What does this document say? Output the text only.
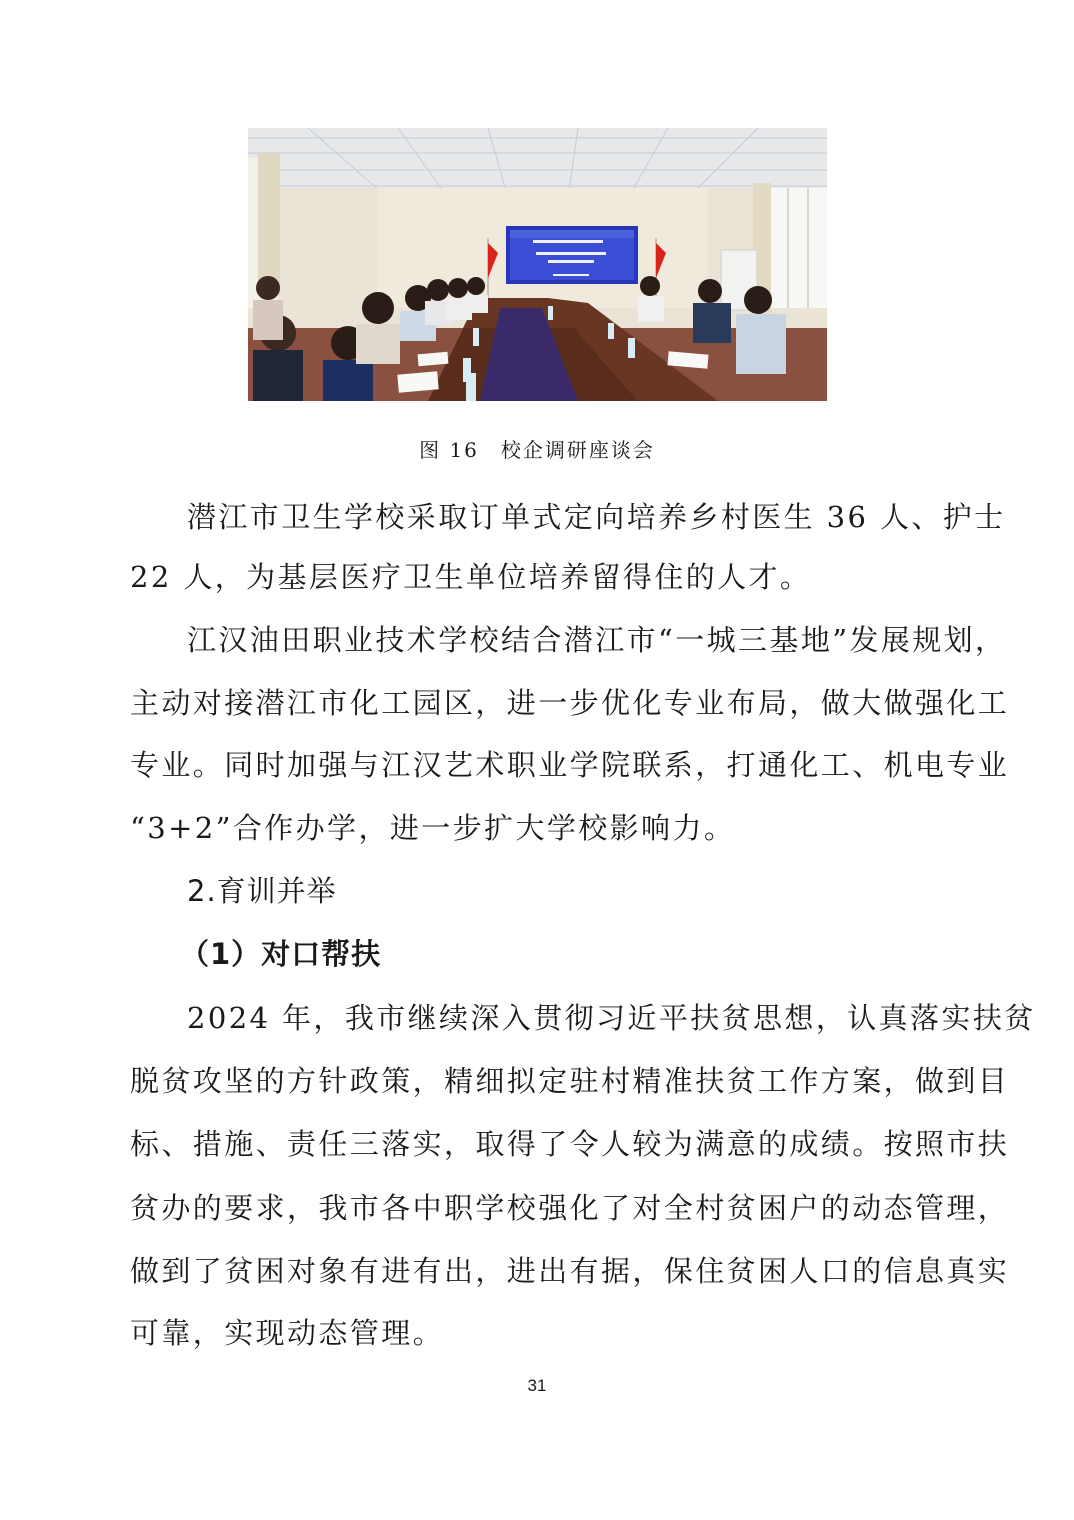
图 16　校企调研座谈会
潜江市卫生学校采取订单式定向培养乡村医生 36 人、护士
22 人，为基层医疗卫生单位培养留得住的人才。
江汉油田职业技术学校结合潜江市“一城三基地”发展规划，
主动对接潜江市化工园区，进一步优化专业布局，做大做强化工
专业。同时加强与江汉艺术职业学院联系，打通化工、机电专业
“3+2”合作办学，进一步扩大学校影响力。
2.育训并举
（1）对口帮扶
2024 年，我市继续深入贯彻习近平扶贫思想，认真落实扶贫
脱贫攻坚的方针政策，精细拟定驻村精准扶贫工作方案，做到目
标、措施、责任三落实，取得了令人较为满意的成绩。按照市扶
贫办的要求，我市各中职学校强化了对全村贫困户的动态管理，
做到了贫困对象有进有出，进出有据，保住贫困人口的信息真实
可靠，实现动态管理。
31
